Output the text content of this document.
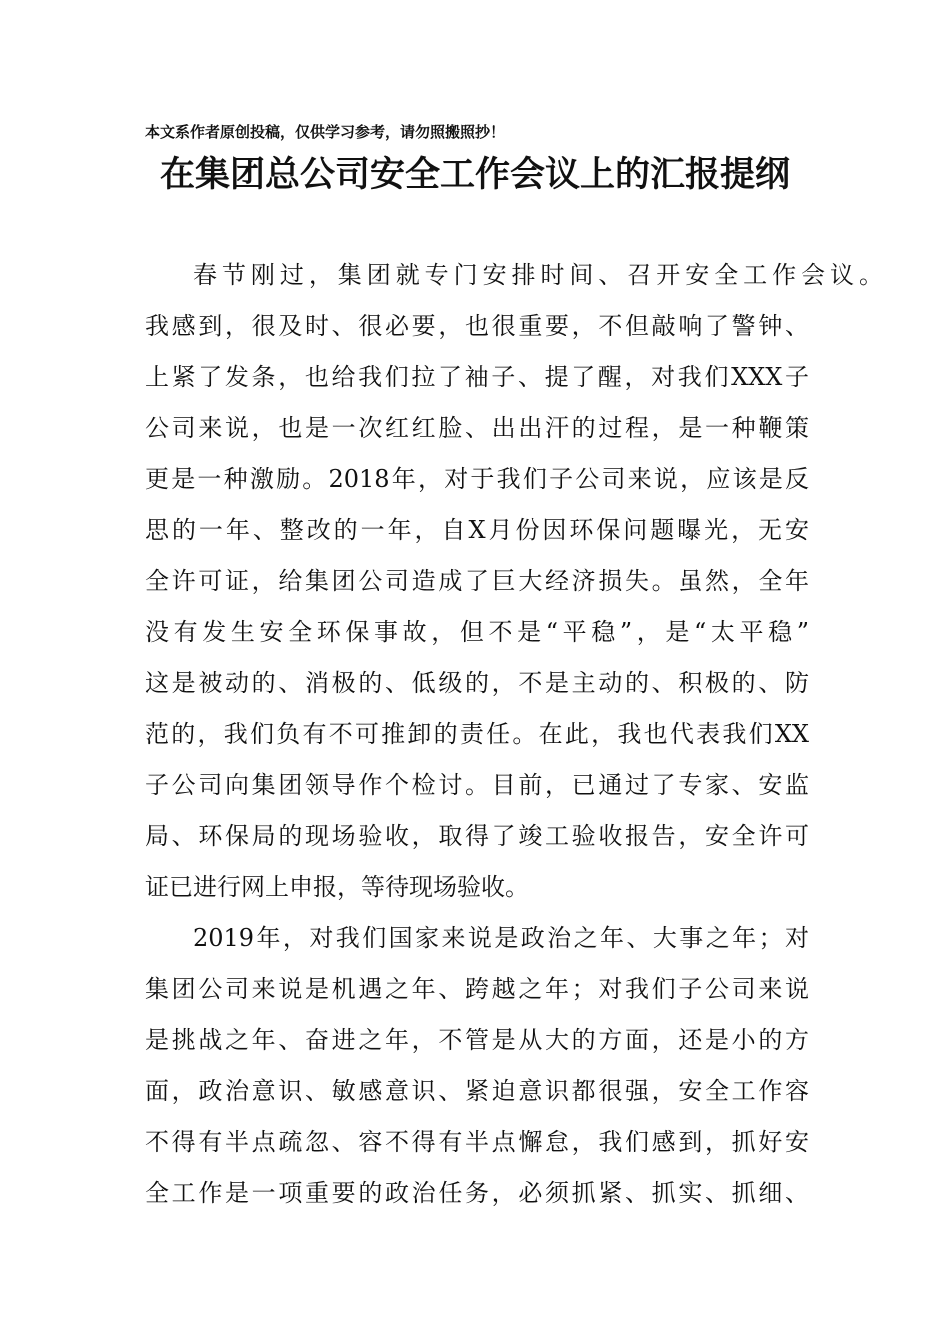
本文系作者原创投稿，仅供学习参考，请勿照搬照抄！
在集团总公司安全工作会议上的汇报提纲
春节刚过，集团就专门安排时间、召开安全工作会议。
我感到，很及时、很必要，也很重要，不但敲响了警钟、
上紧了发条，也给我们拉了袖子、提了醒，对我们XXX子
公司来说，也是一次红红脸、出出汗的过程，是一种鞭策
更是一种激励。2018年，对于我们子公司来说，应该是反
思的一年、整改的一年，自X月份因环保问题曝光，无安
全许可证，给集团公司造成了巨大经济损失。虽然，全年
没有发生安全环保事故，但不是“平稳”，是“太平稳”
这是被动的、消极的、低级的，不是主动的、积极的、防
范的，我们负有不可推卸的责任。在此，我也代表我们XX
子公司向集团领导作个检讨。目前，已通过了专家、安监
局、环保局的现场验收，取得了竣工验收报告，安全许可
证已进行网上申报，等待现场验收。
2019年，对我们国家来说是政治之年、大事之年；对
集团公司来说是机遇之年、跨越之年；对我们子公司来说
是挑战之年、奋进之年，不管是从大的方面，还是小的方
面，政治意识、敏感意识、紧迫意识都很强，安全工作容
不得有半点疏忽、容不得有半点懈怠，我们感到，抓好安
全工作是一项重要的政治任务，必须抓紧、抓实、抓细、
